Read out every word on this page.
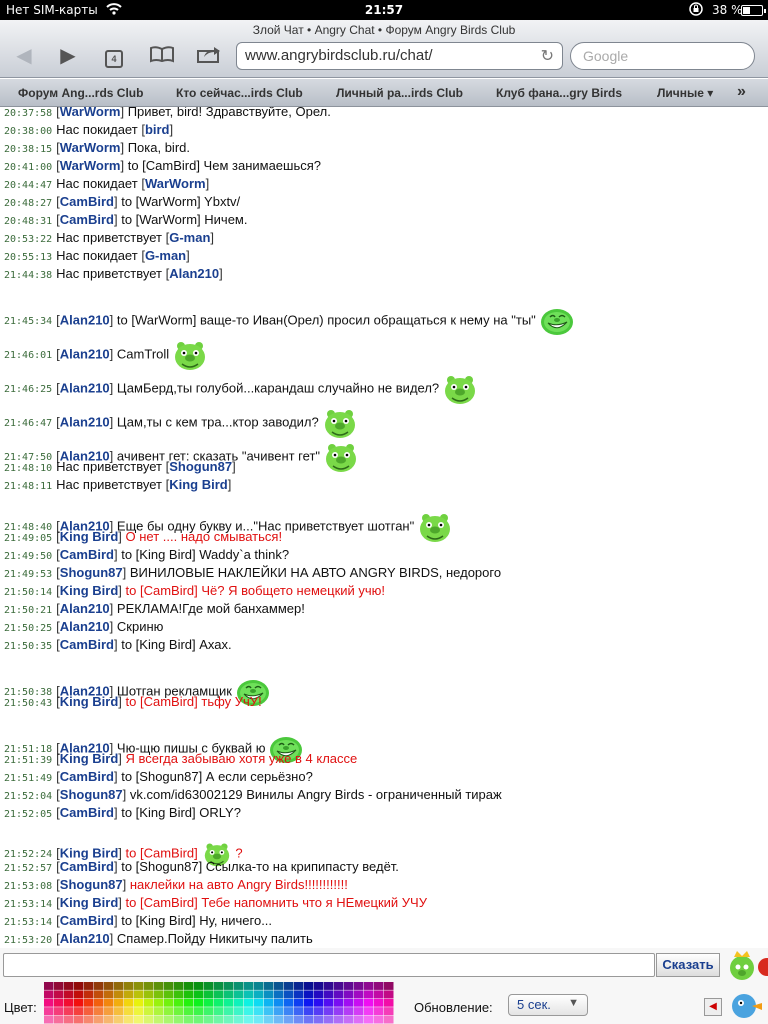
Нет SIM-карты	21:57	38 %
Злой Чат • Angry Chat • Форум Angry Birds Club
◀	▶	4	www.angrybirdsclub.ru/chat/	↻	Google
Форум Ang...rds Club	Кто сейчас...irds Club	Личный ра...irds Club	Клуб фана...gry Birds	Личные ▾ »
20:37:58 [WarWorm] Привет, bird! Здравствуйте, Орел.
20:38:00 Нас покидает [bird]
20:38:15 [WarWorm] Пока, bird.
20:41:00 [WarWorm] to [CamBird] Чем занимаешься?
20:44:47 Нас покидает [WarWorm]
20:48:27 [CamBird] to [WarWorm] Ybxtv/
20:48:31 [CamBird] to [WarWorm] Ничем.
20:53:22 Нас приветствует [G-man]
20:55:13 Нас покидает [G-man]
21:44:38 Нас приветствует [Alan210]
21:45:34 [Alan210] to [WarWorm] ваще-то Иван(Орел) просил обращаться к нему на "ты"
21:46:01 [Alan210] CamTroll
21:46:25 [Alan210] ЦамБерд,ты голубой...карандаш случайно не видел?
21:46:47 [Alan210] Цам,ты с кем тра...ктор заводил?
21:47:50 [Alan210] ачивент гет: сказать "ачивент гет"
21:48:10 Нас приветствует [Shogun87]
21:48:11 Нас приветствует [King Bird]
21:48:40 [Alan210] Еще бы одну букву и..."Нас приветствует шотган"
21:49:05 [King Bird] О нет .... надо смываться!
21:49:50 [CamBird] to [King Bird] Waddy`a think?
21:49:53 [Shogun87] ВИНИЛОВЫЕ НАКЛЕЙКИ НА АВТО ANGRY BIRDS, недорого
21:50:14 [King Bird] to [CamBird] Чё? Я вобщето немецкий учю!
21:50:21 [Alan210] РЕКЛАМА!Где мой банхаммер!
21:50:25 [Alan210] Скриню
21:50:35 [CamBird] to [King Bird] Ахах.
21:50:38 [Alan210] Шотган рекламщик
21:50:43 [King Bird] to [CamBird] тьфу УчУ!
21:51:18 [Alan210] Чю-щю пишы с буквай ю
21:51:39 [King Bird] Я всегда забываю хотя уже в 4 классе
21:51:49 [CamBird] to [Shogun87] А если серьёзно?
21:52:04 [Shogun87] vk.com/id63002129 Винилы Angry Birds - ограниченный тираж
21:52:05 [CamBird] to [King Bird] ORLY?
21:52:24 [King Bird] to [CamBird]	?
21:52:57 [CamBird] to [Shogun87] Ссылка-то на крипипасту ведёт.
21:53:08 [Shogun87] наклейки на авто Angry Birds!!!!!!!!!!!!
21:53:14 [King Bird] to [CamBird] Тебе напомнить что я НЕмецкий УЧУ
21:53:14 [CamBird] to [King Bird] Ну, ничего...
21:53:20 [Alan210] Спамер.Пойду Никитычу палить
Сказать
Цвет:	Обновление:	5 сек. ▼	◀
